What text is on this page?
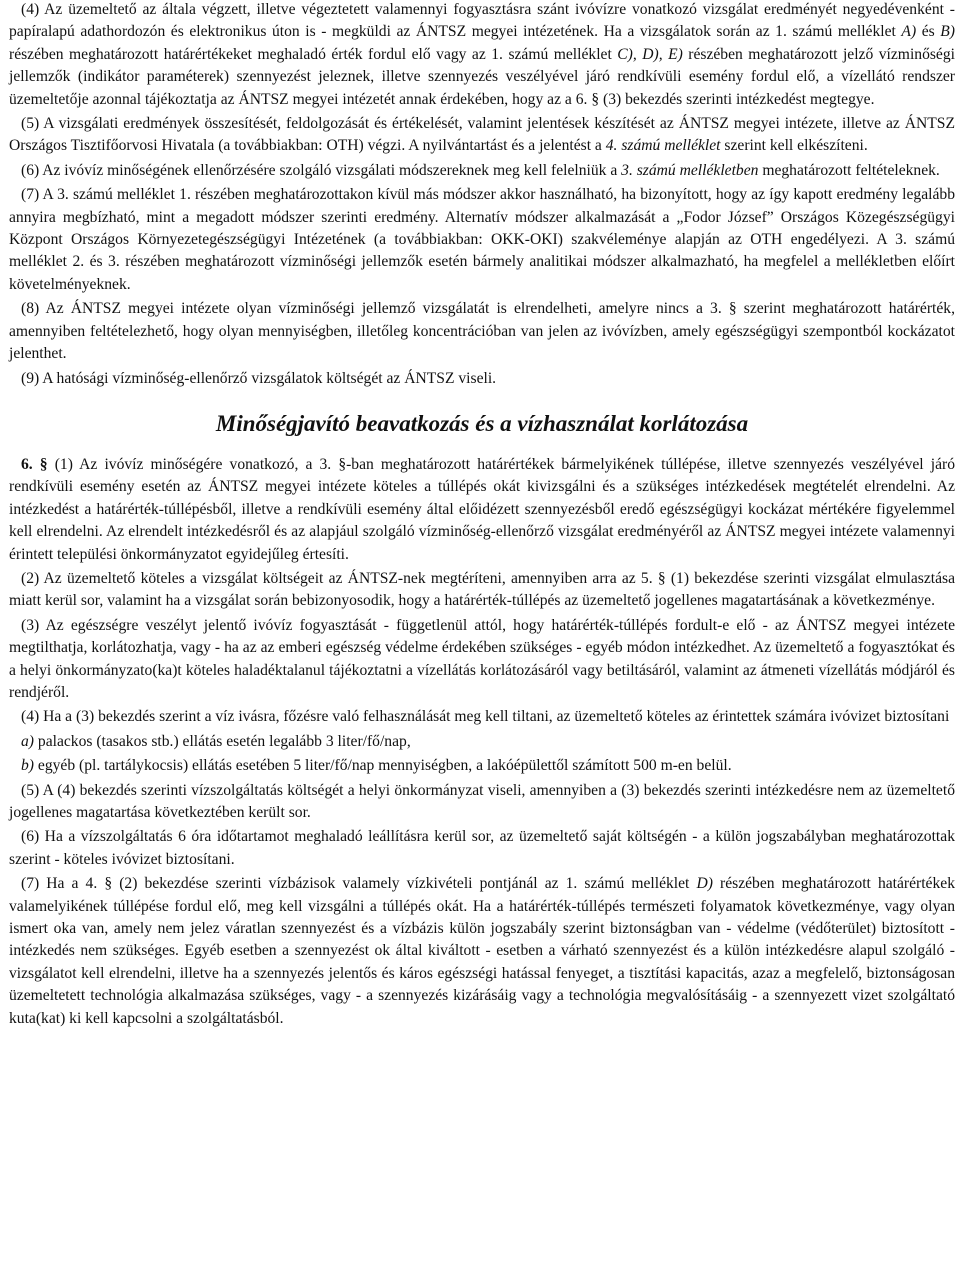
(4) Az üzemeltető az általa végzett, illetve végeztetett valamennyi fogyasztásra szánt ivóvízre vonatkozó vizsgálat eredményét negyedévenként - papíralapú adathordozón és elektronikus úton is - megküldi az ÁNTSZ megyei intézetének. Ha a vizsgálatok során az 1. számú melléklet A) és B) részében meghatározott határértékeket meghaladó érték fordul elő vagy az 1. számú melléklet C), D), E) részében meghatározott jelző vízminőségi jellemzők (indikátor paraméterek) szennyezést jeleznek, illetve szennyezés veszélyével járó rendkívüli esemény fordul elő, a vízellátó rendszer üzemeltetője azonnal tájékoztatja az ÁNTSZ megyei intézetét annak érdekében, hogy az a 6. § (3) bekezdés szerinti intézkedést megtegye.

(5) A vizsgálati eredmények összesítését, feldolgozását és értékelését, valamint jelentések készítését az ÁNTSZ megyei intézete, illetve az ÁNTSZ Országos Tisztifőorvosi Hivatala (a továbbiakban: OTH) végzi. A nyilvántartást és a jelentést a 4. számú melléklet szerint kell elkészíteni.

(6) Az ivóvíz minőségének ellenőrzésére szolgáló vizsgálati módszereknek meg kell felelniük a 3. számú mellékletben meghatározott feltételeknek.

(7) A 3. számú melléklet 1. részében meghatározottakon kívül más módszer akkor használható, ha bizonyított, hogy az így kapott eredmény legalább annyira megbízható, mint a megadott módszer szerinti eredmény. Alternatív módszer alkalmazását a „Fodor József” Országos Közegészségügyi Központ Országos Környezetegészségügyi Intézetének (a továbbiakban: OKK-OKI) szakvéleménye alapján az OTH engedélyezi. A 3. számú melléklet 2. és 3. részében meghatározott vízminőségi jellemzők esetén bármely analitikai módszer alkalmazható, ha megfelel a mellékletben előírt követelményeknek.

(8) Az ÁNTSZ megyei intézete olyan vízminőségi jellemző vizsgálatát is elrendelheti, amelyre nincs a 3. § szerint meghatározott határérték, amennyiben feltételezhető, hogy olyan mennyiségben, illetőleg koncentrációban van jelen az ivóvízben, amely egészségügyi szempontból kockázatot jelenthet.

(9) A hatósági vízminőség-ellenőrző vizsgálatok költségét az ÁNTSZ viseli.

Minőségjavító beavatkozás és a vízhasználat korlátozása

6. § (1) Az ivóvíz minőségére vonatkozó, a 3. §-ban meghatározott határértékek bármelyikének túllépése, illetve szennyezés veszélyével járó rendkívüli esemény esetén az ÁNTSZ megyei intézete köteles a túllépés okát kivizsgálni és a szükséges intézkedések megtételét elrendelni. Az intézkedést a határérték-túllépésből, illetve a rendkívüli esemény által előidézett szennyezésből eredő egészségügyi kockázat mértékére figyelemmel kell elrendelni. Az elrendelt intézkedésről és az alapjául szolgáló vízminőség-ellenőrző vizsgálat eredményéről az ÁNTSZ megyei intézete valamennyi érintett települési önkormányzatot egyidejűleg értesíti.

(2) Az üzemeltető köteles a vizsgálat költségeit az ÁNTSZ-nek megtéríteni, amennyiben arra az 5. § (1) bekezdése szerinti vizsgálat elmulasztása miatt kerül sor, valamint ha a vizsgálat során bebizonyosodik, hogy a határérték-túllépés az üzemeltető jogellenes magatartásának a következménye.

(3) Az egészségre veszélyt jelentő ivóvíz fogyasztását - függetlenül attól, hogy határérték-túllépés fordult-e elő - az ÁNTSZ megyei intézete megtilthatja, korlátozhatja, vagy - ha az az emberi egészség védelme érdekében szükséges - egyéb módon intézkedhet. Az üzemeltető a fogyasztókat és a helyi önkormányzato(ka)t köteles haladéktalanul tájékoztatni a vízellátás korlátozásáról vagy betiltásáról, valamint az átmeneti vízellátás módjáról és rendjéről.

(4) Ha a (3) bekezdés szerint a víz ivásra, főzésre való felhasználását meg kell tiltani, az üzemeltető köteles az érintettek számára ivóvizet biztosítani

a) palackos (tasakos stb.) ellátás esetén legalább 3 liter/fő/nap,

b) egyéb (pl. tartálykocsis) ellátás esetében 5 liter/fő/nap mennyiségben, a lakóépülettől számított 500 m-en belül.

(5) A (4) bekezdés szerinti vízszolgáltatás költségét a helyi önkormányzat viseli, amennyiben a (3) bekezdés szerinti intézkedésre nem az üzemeltető jogellenes magatartása következtében került sor.

(6) Ha a vízszolgáltatás 6 óra időtartamot meghaladó leállításra kerül sor, az üzemeltető saját költségén - a külön jogszabályban meghatározottak szerint - köteles ivóvizet biztosítani.

(7) Ha a 4. § (2) bekezdése szerinti vízbázisok valamely vízkivételi pontjánál az 1. számú melléklet D) részében meghatározott határértékek valamelyikének túllépése fordul elő, meg kell vizsgálni a túllépés okát. Ha a határérték-túllépés természeti folyamatok következménye, vagy olyan ismert oka van, amely nem jelez váratlan szennyezést és a vízbázis külön jogszabály szerint biztonságban van - védelme (védőterület) biztosított - intézkedés nem szükséges. Egyéb esetben a szennyezést ok által kiváltott - esetben a várható szennyezést és a külön intézkedésre alapul szolgáló - vizsgálatot kell elrendelni, illetve ha a szennyezés jelentős és káros egészségi hatással fenyeget, a tisztítási kapacitás, azaz a megfelelő, biztonságosan üzemeltetett technológia alkalmazása szükséges, vagy - a szennyezés kizárásáig vagy a technológia megvalósításáig - a szennyezett vizet szolgáltató kuta(kat) ki kell kapcsolni a szolgáltatásból.
